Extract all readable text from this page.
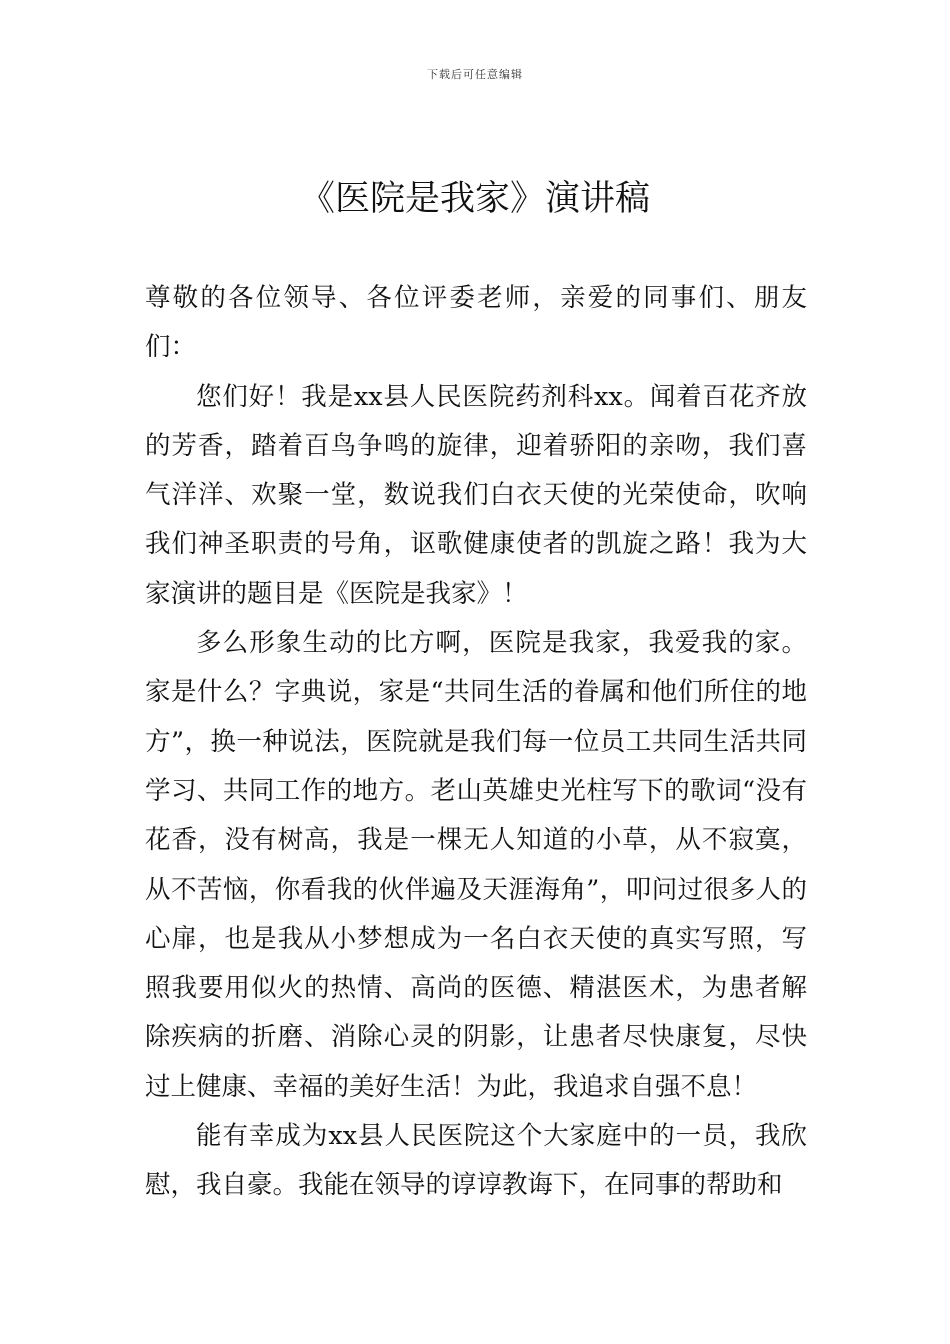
下载后可任意编辑
《医院是我家》演讲稿

尊敬的各位领导、各位评委老师，亲爱的同事们、朋友们：

您们好！我是xx县人民医院药剂科xx。闻着百花齐放的芳香，踏着百鸟争鸣的旋律，迎着骄阳的亲吻，我们喜气洋洋、欢聚一堂，数说我们白衣天使的光荣使命，吹响我们神圣职责的号角，讴歌健康使者的凯旋之路！我为大家演讲的题目是《医院是我家》！

多么形象生动的比方啊，医院是我家，我爱我的家。家是什么？字典说，家是“共同生活的眷属和他们所住的地方”，换一种说法，医院就是我们每一位员工共同生活共同学习、共同工作的地方。老山英雄史光柱写下的歌词“没有花香，没有树高，我是一棵无人知道的小草，从不寂寞，从不苦恼，你看我的伙伴遍及天涯海角”，叩问过很多人的心扉，也是我从小梦想成为一名白衣天使的真实写照，写照我要用似火的热情、高尚的医德、精湛医术，为患者解除疾病的折磨、消除心灵的阴影，让患者尽快康复，尽快过上健康、幸福的美好生活！为此，我追求自强不息！

能有幸成为xx县人民医院这个大家庭中的一员，我欣慰，我自豪。我能在领导的谆谆教诲下，在同事的帮助和
